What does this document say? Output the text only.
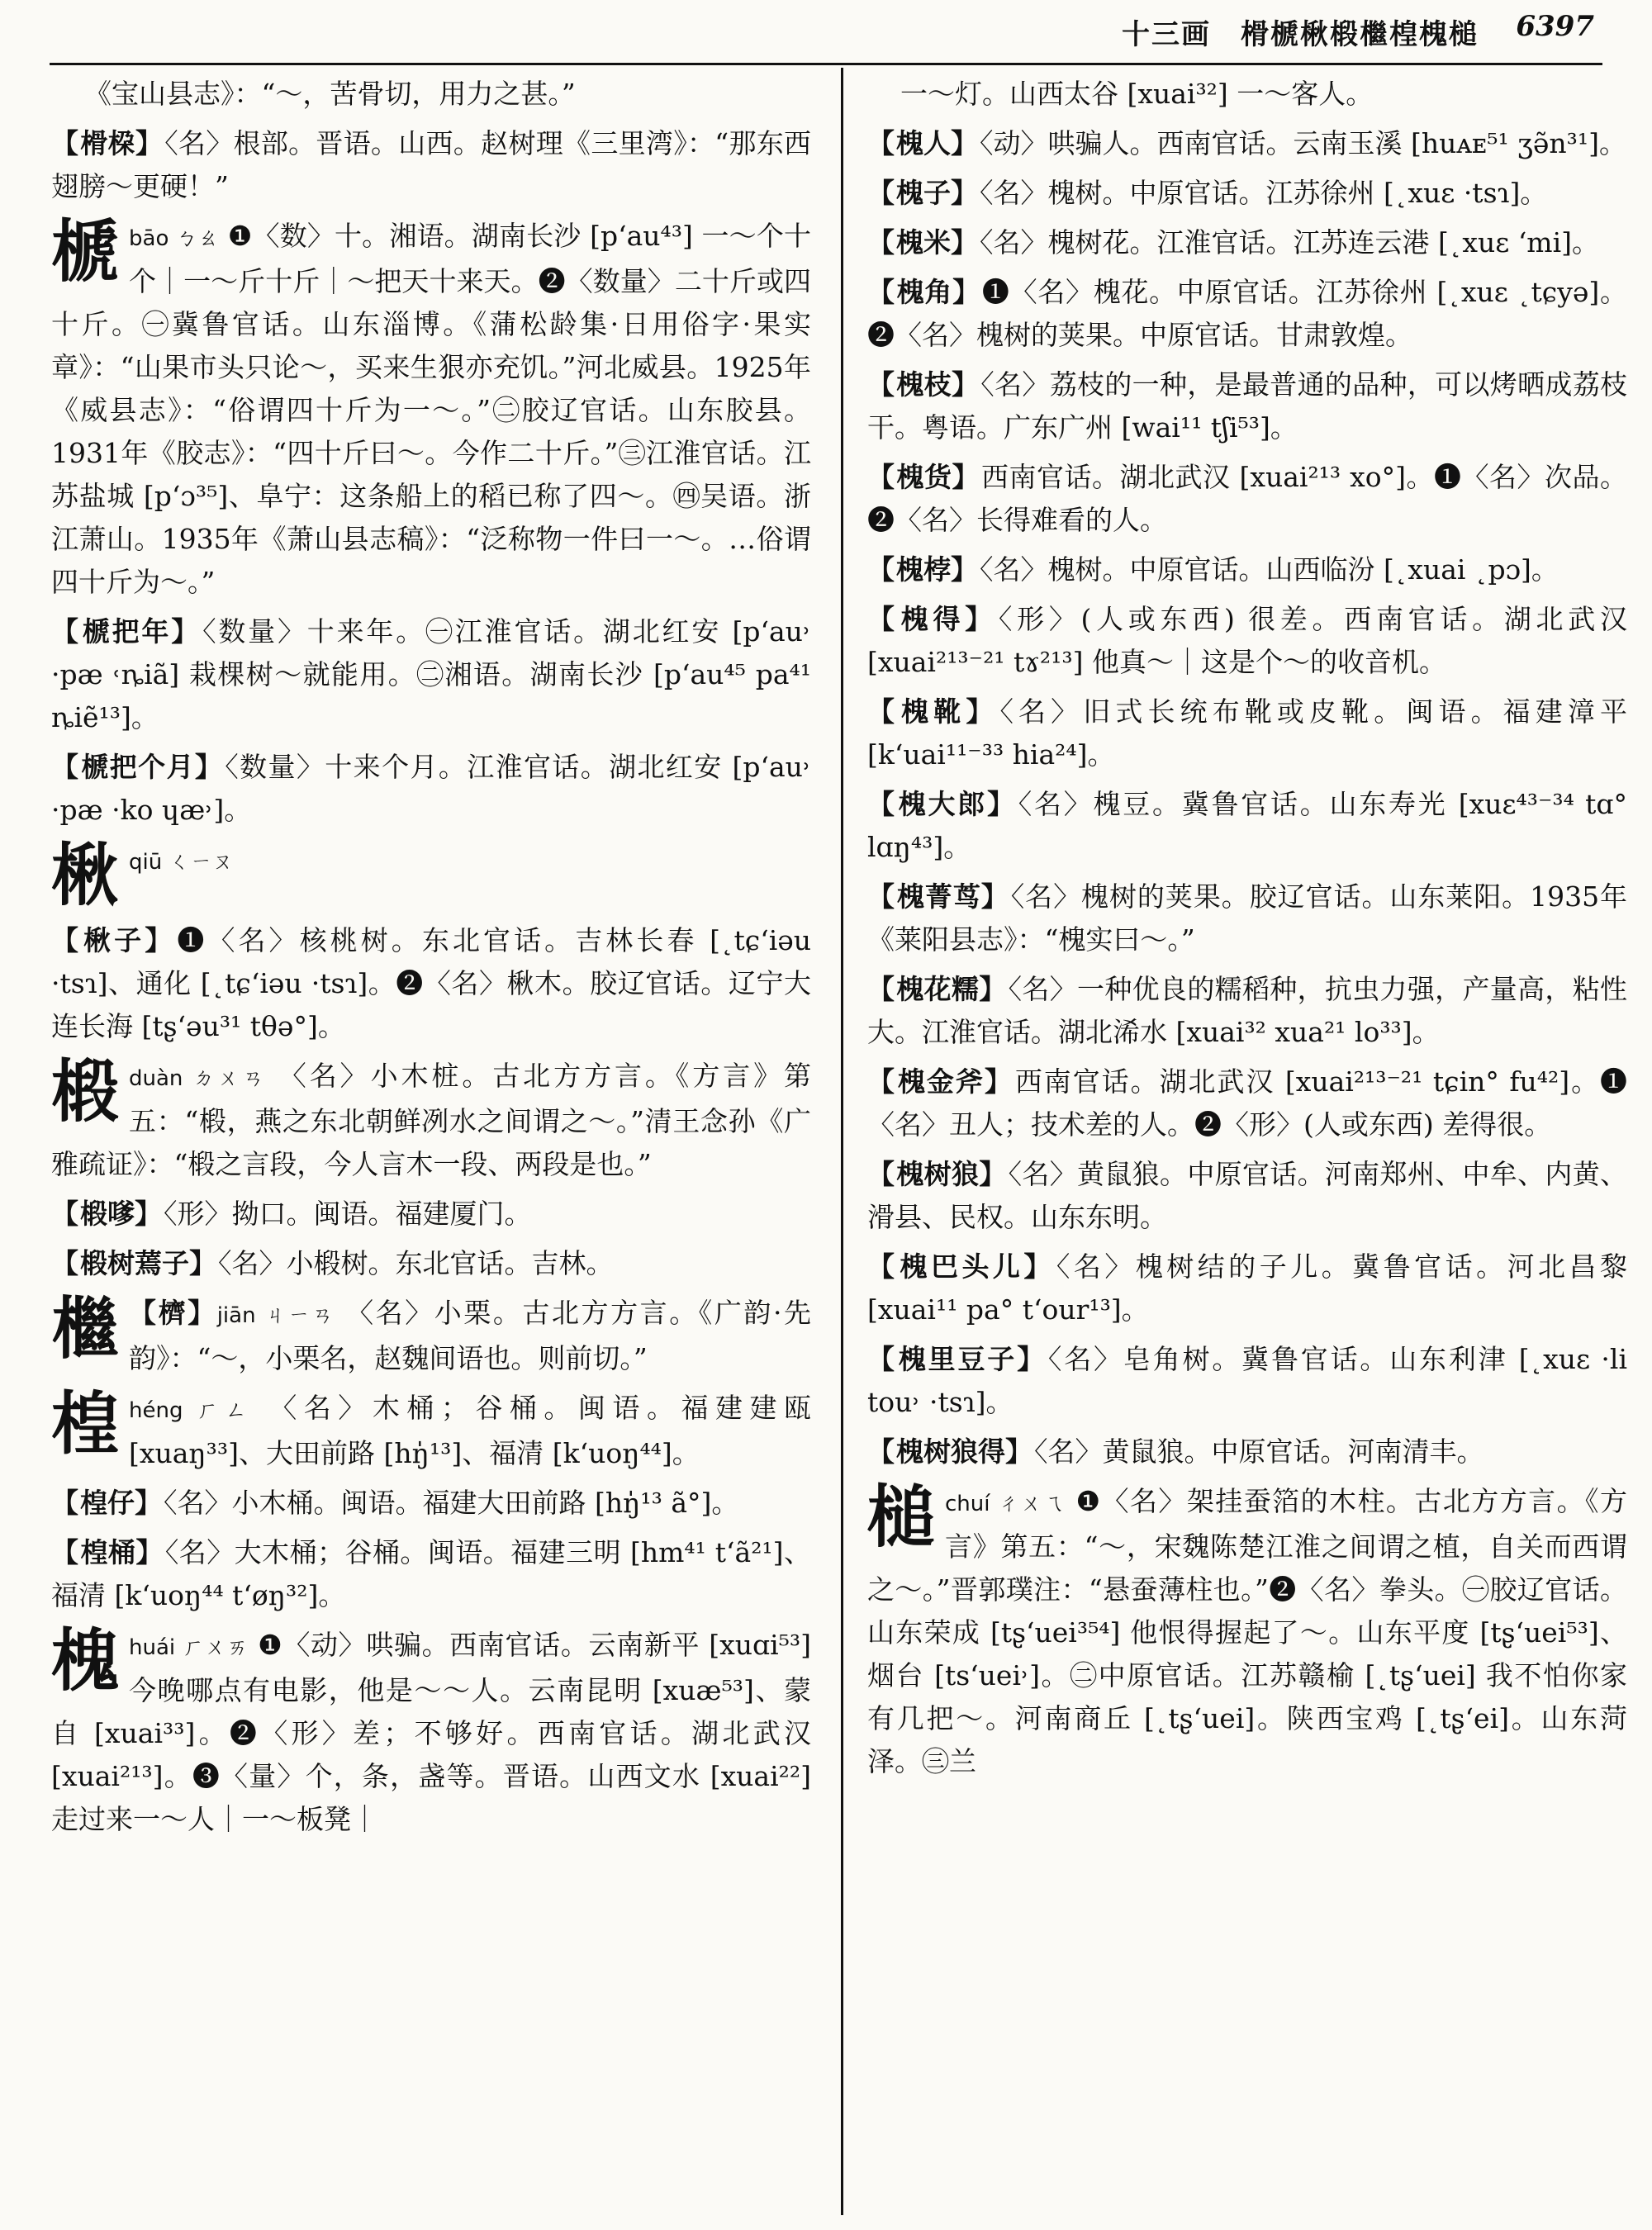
十三画　榾榹楸椴檵楻槐槌 6397
《宝山县志》：“～，苦骨切，用力之甚。”
【榾桗】〈名〉根部。晋语。山西。赵树理《三里湾》：“那东西翅膀～更硬！”
榹bāo ㄅㄠ ❶〈数〉十。湘语。湖南长沙 [p‘au⁴³] 一～个十个｜一～斤十斤｜～把天十来天。❷〈数量〉二十斤或四十斤。㊀冀鲁官话。山东淄博。《蒲松龄集·日用俗字·果实章》：“山果市头只论～，买来生狠亦充饥。”河北威县。1925年《威县志》：“俗谓四十斤为一～。”㊁胶辽官话。山东胶县。1931年《胶志》：“四十斤曰～。今作二十斤。”㊂江淮官话。江苏盐城 [p‘ɔ³⁵]、阜宁：这条船上的稻已称了四～。㊃吴语。浙江萧山。1935年《萧山县志稿》：“泛称物一件曰一～。…俗谓四十斤为～。”
【榹把年】〈数量〉十来年。㊀江淮官话。湖北红安 [p‘au˒ ·pæ ˓ȵiã] 栽棵树～就能用。㊁湘语。湖南长沙 [p‘au⁴⁵ pa⁴¹ ȵiẽ¹³]。
【榹把个月】〈数量〉十来个月。江淮官话。湖北红安 [p‘au˒ ·pæ ·ko ɥæ˒]。
楸qiū ㄑㄧㄡ
【楸子】❶〈名〉核桃树。东北官话。吉林长春 [˛tɕ‘iəu ·tsɿ]、通化 [˛tɕ‘iəu ·tsɿ]。❷〈名〉楸木。胶辽官话。辽宁大连长海 [tʂ‘əu³¹ tθə°]。
椴duàn ㄉㄨㄢ 〈名〉小木桩。古北方方言。《方言》第五：“椴，燕之东北朝鲜冽水之间谓之～。”清王念孙《广雅疏证》：“椴之言段，今人言木一段、两段是也。”
【椴嗲】〈形〉拗口。闽语。福建厦门。
【椴树蔫子】〈名〉小椴树。东北官话。吉林。
檵 【櫅】jiān ㄐㄧㄢ 〈名〉小栗。古北方方言。《广韵·先韵》：“～，小栗名，赵魏间语也。则前切。”
楻héng ㄏㄥ 〈名〉木桶；谷桶。闽语。福建建瓯 [xuaŋ³³]、大田前路 [hŋ̍¹³]、福清 [k‘uoŋ⁴⁴]。
【楻仔】〈名〉小木桶。闽语。福建大田前路 [hŋ̍¹³ ã°]。
【楻桶】〈名〉大木桶；谷桶。闽语。福建三明 [hm⁴¹ t‘ã²¹]、福清 [k‘uoŋ⁴⁴ t‘øŋ³²]。
槐huái ㄏㄨㄞ ❶〈动〉哄骗。西南官话。云南新平 [xuɑi⁵³] 今晚哪点有电影，他是～～人。云南昆明 [xuæ⁵³]、蒙自 [xuai³³]。❷〈形〉差；不够好。西南官话。湖北武汉 [xuai²¹³]。❸〈量〉个，条，盏等。晋语。山西文水 [xuai²²] 走过来一～人｜一～板凳｜
一～灯。山西太谷 [xuai³²] 一～客人。
【槐人】〈动〉哄骗人。西南官话。云南玉溪 [huᴀᴇ⁵¹ ʒə̃n³¹]。
【槐子】〈名〉槐树。中原官话。江苏徐州 [˛xuɛ ·tsɿ]。
【槐米】〈名〉槐树花。江淮官话。江苏连云港 [˛xuɛ ‘mi]。
【槐角】❶〈名〉槐花。中原官话。江苏徐州 [˛xuɛ ˛tɕyə]。❷〈名〉槐树的荚果。中原官话。甘肃敦煌。
【槐枝】〈名〉荔枝的一种，是最普通的品种，可以烤晒成荔枝干。粤语。广东广州 [wai¹¹ tʃi⁵³]。
【槐货】西南官话。湖北武汉 [xuai²¹³ xo°]。❶〈名〉次品。❷〈名〉长得难看的人。
【槐桲】〈名〉槐树。中原官话。山西临汾 [˛xuai ˛pɔ]。
【槐得】〈形〉(人或东西) 很差。西南官话。湖北武汉 [xuai²¹³⁻²¹ tɤ²¹³] 他真～｜这是个～的收音机。
【槐靴】〈名〉旧式长统布靴或皮靴。闽语。福建漳平 [k‘uai¹¹⁻³³ hia²⁴]。
【槐大郎】〈名〉槐豆。冀鲁官话。山东寿光 [xuɛ⁴³⁻³⁴ tɑ° lɑŋ⁴³]。
【槐菁茑】〈名〉槐树的荚果。胶辽官话。山东莱阳。1935年《莱阳县志》：“槐实曰～。”
【槐花糯】〈名〉一种优良的糯稻种，抗虫力强，产量高，粘性大。江淮官话。湖北浠水 [xuai³² xua²¹ lo³³]。
【槐金斧】西南官话。湖北武汉 [xuai²¹³⁻²¹ tɕin° fu⁴²]。❶〈名〉丑人；技术差的人。❷〈形〉(人或东西) 差得很。
【槐树狼】〈名〉黄鼠狼。中原官话。河南郑州、中牟、内黄、滑县、民权。山东东明。
【槐巴头儿】〈名〉槐树结的子儿。冀鲁官话。河北昌黎 [xuai¹¹ pa° t‘our¹³]。
【槐里豆子】〈名〉皂角树。冀鲁官话。山东利津 [˛xuɛ ·li tou˒ ·tsɿ]。
【槐树狼得】〈名〉黄鼠狼。中原官话。河南清丰。
槌chuí ㄔㄨㄟ ❶〈名〉架挂蚕箔的木柱。古北方方言。《方言》第五：“～，宋魏陈楚江淮之间谓之植，自关而西谓之～。”晋郭璞注：“悬蚕薄柱也。”❷〈名〉拳头。㊀胶辽官话。山东荣成 [tʂ‘uei³⁵⁴] 他恨得握起了～。山东平度 [tʂ‘uei⁵³]、烟台 [ts‘uei˒]。㊁中原官话。江苏赣榆 [˛tʂ‘uei] 我不怕你家有几把～。河南商丘 [˛tʂ‘uei]。陕西宝鸡 [˛tʂ‘ei]。山东菏泽。㊂兰
